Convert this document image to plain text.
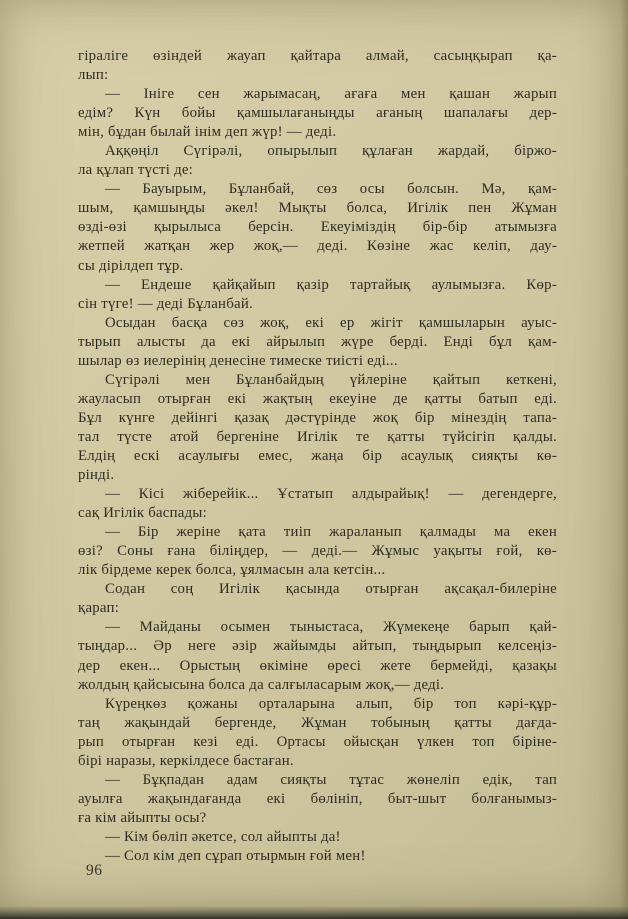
гіраліге өзіндей жауап қайтара алмай, сасыңқырап қа-
лып:
— Ініге сен жарымасаң, ағаға мен қашан жарып
едім? Күн бойы қамшылағаныңды ағаның шапалағы дер-
мін, бұдан былай інім деп жүр! — деді.
Аққөңіл Сүгірәлі, опырылып құлаған жардай, біржо-
ла құлап түсті де:
— Бауырым, Бұланбай, сөз осы болсын. Мә, қам-
шым, қамшыңды әкел! Мықты болса, Игілік пен Жұман
өзді-өзі қырылыса берсін. Екеуіміздің бір-бір атымызға
жетпей жатқан жер жоқ,— деді. Көзіне жас келіп, дау-
сы дірілдеп тұр.
— Ендеше қайқайып қазір тартайық аулымызға. Көр-
сін түге! — деді Бұланбай.
Осыдан басқа сөз жоқ, екі ер жігіт қамшыларын ауыс-
тырып алысты да екі айрылып жүре берді. Енді бұл қам-
шылар өз иелерінің денесіне тимеске тиісті еді...
Сүгірәлі мен Бұланбайдың үйлеріне қайтып кеткені,
жауласып отырған екі жақтың екеуіне де қатты батып еді.
Бұл күнге дейінгі қазақ дәстүрінде жоқ бір мінездің тапа-
тал түсте атой бергеніне Игілік те қатты түйсігіп қалды.
Елдің ескі асаулығы емес, жаңа бір асаулық сияқты кө-
рінді.
— Кісі жіберейік... Ұстатып алдырайық! — дегендерге,
сақ Игілік баспады:
— Бір жеріне қата тиіп жараланып қалмады ма екен
өзі? Соны ғана біліңдер, — деді.— Жұмыс уақыты ғой, кө-
лік бірдеме керек болса, ұялмасын ала кетсін...
Содан соң Игілік қасында отырған ақсақал-билеріне
қарап:
— Майданы осымен тыныстаса, Жүмекеңе барып қай-
тыңдар... Әр неге әзір жайымды айтып, тыңдырып келсеңіз-
дер екен... Орыстың өкіміне өресі жете бермейді, қазақы
жолдың қайсысына болса да салғыласарым жоқ,— деді.
Күреңкөз қожаны орталарына алып, бір топ кәрі-құр-
таң жақындай бергенде, Жұман тобының қатты дағда-
рып отырған кезі еді. Ортасы ойысқан үлкен топ біріне-
бірі наразы, керкілдесе бастаған.
— Бұқпадан адам сияқты тұтас жөнеліп едік, тап
ауылға жақындағанда екі бөлініп, быт-шыт болғанымыз-
ға кім айыпты осы?
— Кім бөліп әкетсе, сол айыпты да!
— Сол кім деп сұрап отырмын ғой мен!
96
